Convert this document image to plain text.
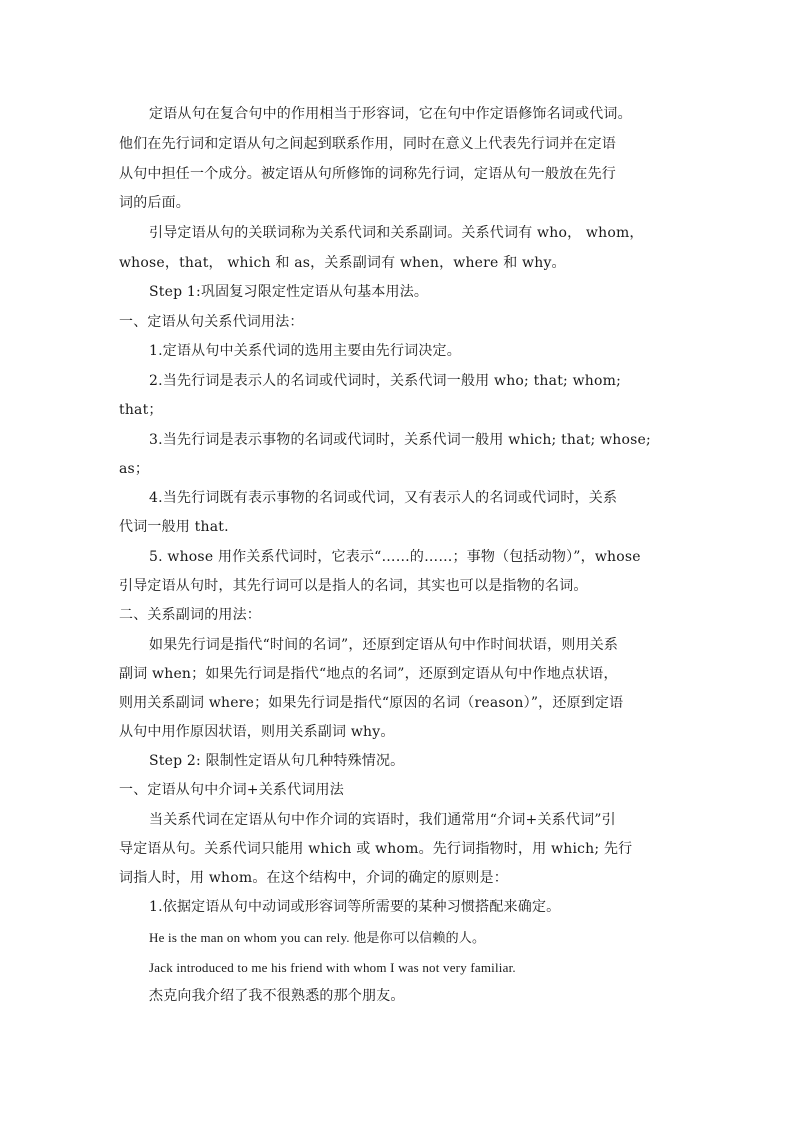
定语从句在复合句中的作用相当于形容词，它在句中作定语修饰名词或代词。
他们在先行词和定语从句之间起到联系作用，同时在意义上代表先行词并在定语
从句中担任一个成分。被定语从句所修饰的词称先行词，定语从句一般放在先行
词的后面。
引导定语从句的关联词称为关系代词和关系副词。关系代词有 who， whom，
whose，that， which 和 as，关系副词有 when，where 和 why。
Step 1:巩固复习限定性定语从句基本用法。
一、定语从句关系代词用法：
1.定语从句中关系代词的选用主要由先行词决定。
2.当先行词是表示人的名词或代词时，关系代词一般用 who; that; whom;
that；
3.当先行词是表示事物的名词或代词时，关系代词一般用 which; that; whose;
as；
4.当先行词既有表示事物的名词或代词，又有表示人的名词或代词时，关系
代词一般用 that.
5. whose 用作关系代词时，它表示“……的……；事物（包括动物）”，whose
引导定语从句时，其先行词可以是指人的名词，其实也可以是指物的名词。
二、关系副词的用法：
如果先行词是指代“时间的名词”，还原到定语从句中作时间状语，则用关系
副词 when；如果先行词是指代“地点的名词”，还原到定语从句中作地点状语，
则用关系副词 where；如果先行词是指代“原因的名词（reason）”，还原到定语
从句中用作原因状语，则用关系副词 why。
Step 2: 限制性定语从句几种特殊情况。
一、定语从句中介词+关系代词用法
当关系代词在定语从句中作介词的宾语时，我们通常用“介词+关系代词”引
导定语从句。关系代词只能用 which 或 whom。先行词指物时，用 which; 先行
词指人时，用 whom。在这个结构中，介词的确定的原则是：
1.依据定语从句中动词或形容词等所需要的某种习惯搭配来确定。
He is the man on whom you can rely. 他是你可以信赖的人。
Jack introduced to me his friend with whom I was not very familiar.
杰克向我介绍了我不很熟悉的那个朋友。
